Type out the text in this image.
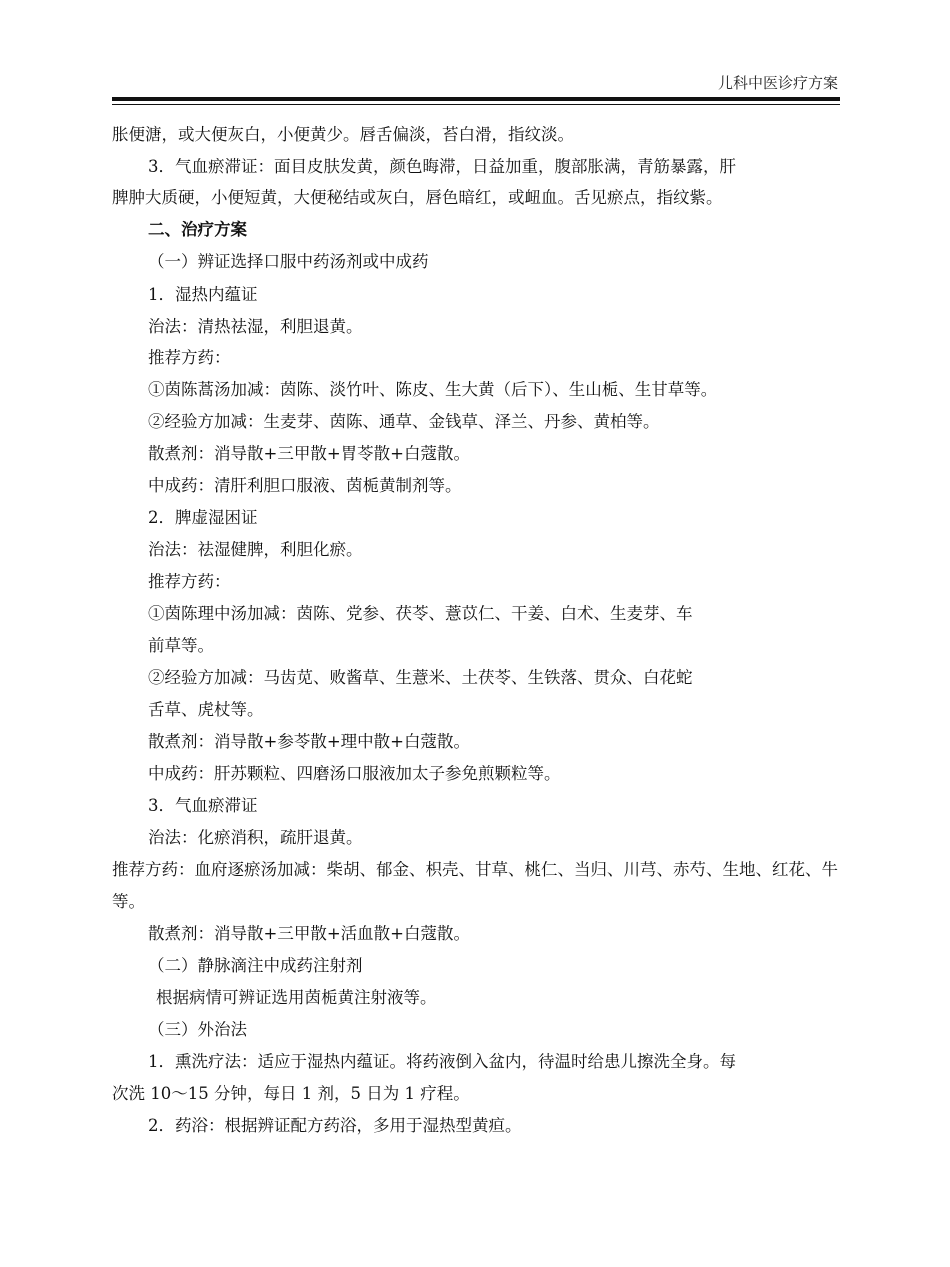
儿科中医诊疗方案
胀便溏，或大便灰白，小便黄少。唇舌偏淡，苔白滑，指纹淡。
3．气血瘀滞证：面目皮肤发黄，颜色晦滞，日益加重，腹部胀满，青筋暴露，肝
脾肿大质硬，小便短黄，大便秘结或灰白，唇色暗红，或衄血。舌见瘀点，指纹紫。
二、治疗方案
（一）辨证选择口服中药汤剂或中成药
1．湿热内蕴证
治法：清热祛湿，利胆退黄。
推荐方药：
①茵陈蒿汤加减：茵陈、淡竹叶、陈皮、生大黄（后下）、生山栀、生甘草等。
②经验方加减：生麦芽、茵陈、通草、金钱草、泽兰、丹参、黄柏等。
散煮剂：消导散+三甲散+胃苓散+白蔻散。
中成药：清肝利胆口服液、茵栀黄制剂等。
2．脾虚湿困证
治法：祛湿健脾，利胆化瘀。
推荐方药：
①茵陈理中汤加减：茵陈、党参、茯苓、薏苡仁、干姜、白术、生麦芽、车
前草等。
②经验方加减：马齿苋、败酱草、生薏米、土茯苓、生铁落、贯众、白花蛇
舌草、虎杖等。
散煮剂：消导散+参苓散+理中散+白蔻散。
中成药：肝苏颗粒、四磨汤口服液加太子参免煎颗粒等。
3．气血瘀滞证
治法：化瘀消积，疏肝退黄。
推荐方药：血府逐瘀汤加减：柴胡、郁金、枳壳、甘草、桃仁、当归、川芎、赤芍、生地、红花、牛
等。
散煮剂：消导散+三甲散+活血散+白蔻散。
（二）静脉滴注中成药注射剂
根据病情可辨证选用茵栀黄注射液等。
（三）外治法
1．熏洗疗法：适应于湿热内蕴证。将药液倒入盆内，待温时给患儿擦洗全身。每
次洗 10～15 分钟，每日 1 剂，5 日为 1 疗程。
2．药浴：根据辨证配方药浴，多用于湿热型黄疸。
